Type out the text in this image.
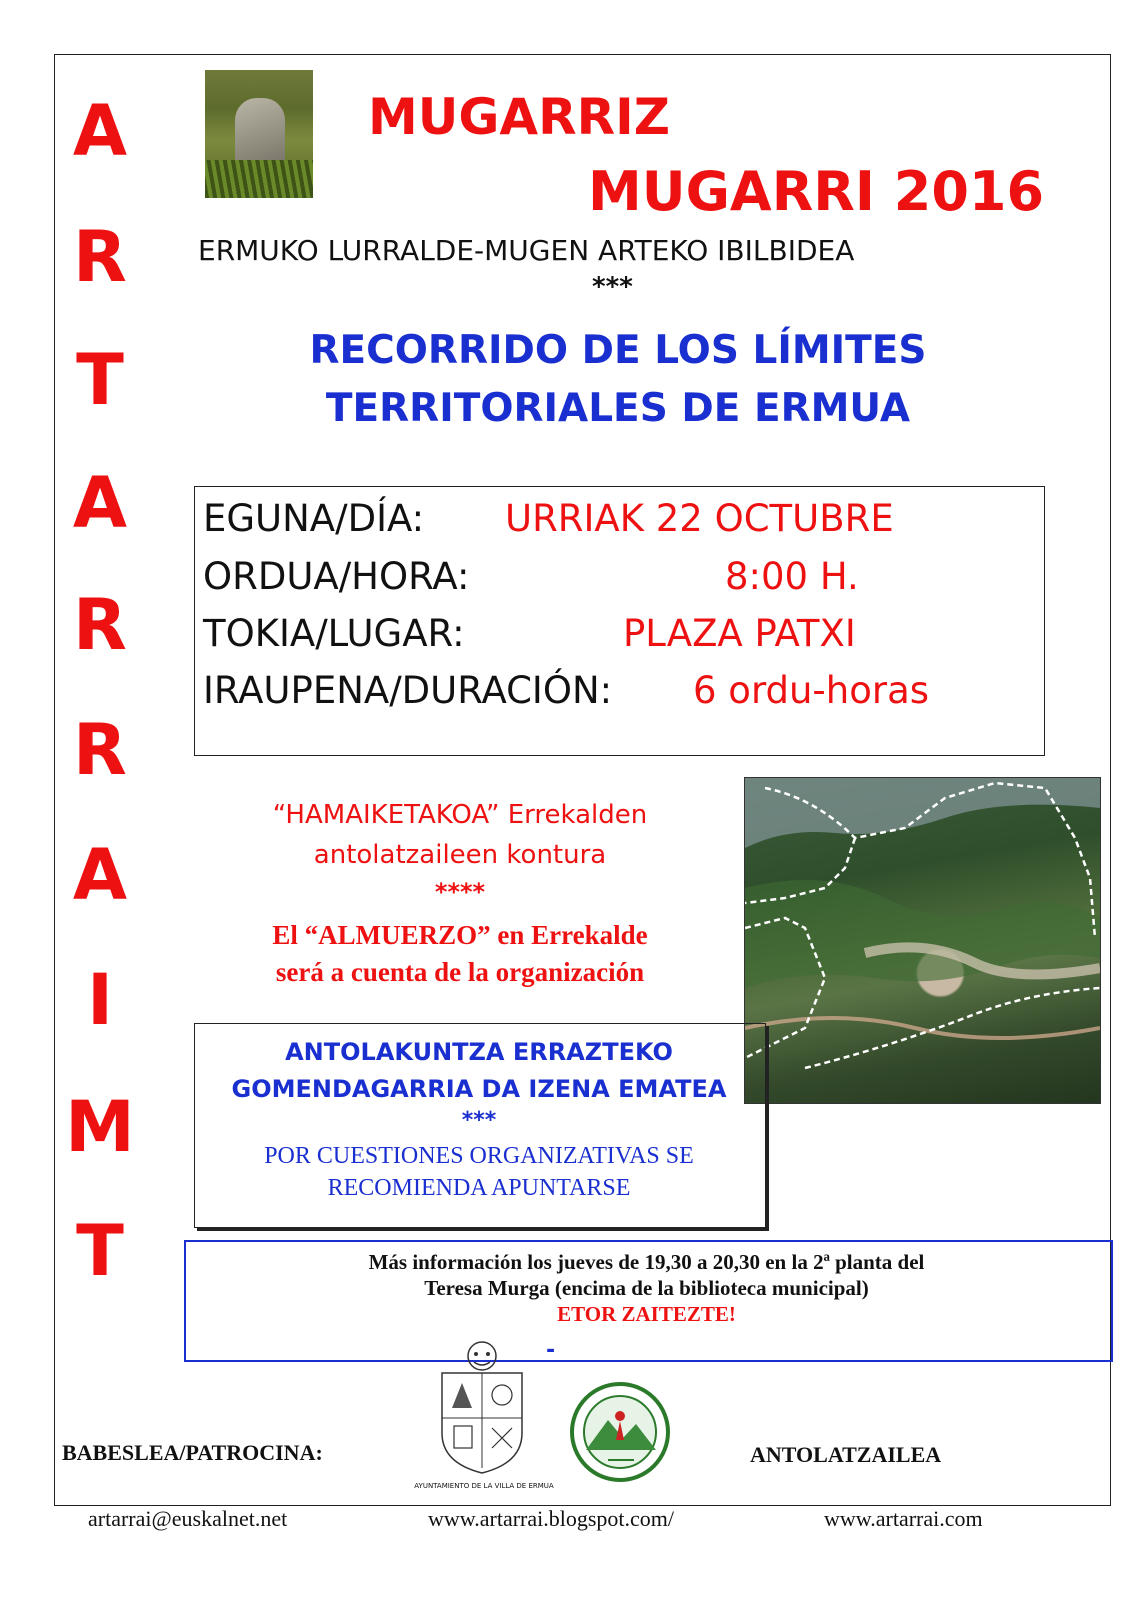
A
R
T
A
R
R
A
I
M
T
MUGARRIZ
MUGARRI 2016
ERMUKO LURRALDE-MUGEN ARTEKO IBILBIDEA
***
RECORRIDO DE LOS LÍMITES
TERRITORIALES DE ERMUA
EGUNA/DÍA: URRIAK 22 OCTUBRE
ORDUA/HORA:	8:00 H.
TOKIA/LUGAR:	PLAZA PATXI
IRAUPENA/DURACIÓN: 6 ordu-horas
“HAMAIKETAKOA” Errekalden
antolatzaileen kontura
****
El “ALMUERZO” en Errekalde
será a cuenta de la organización
ANTOLAKUNTZA ERRAZTEKO
GOMENDAGARRIA DA IZENA EMATEA
***
POR CUESTIONES ORGANIZATIVAS SE
RECOMIENDA APUNTARSE
Más información los jueves de 19,30 a 20,30 en la 2ª planta del
Teresa Murga (encima de la biblioteca municipal)
ETOR ZAITEZTE!
-
BABESLEA/PATROCINA:
AYUNTAMIENTO DE LA VILLA DE ERMUA
ANTOLATZAILEA
artarrai@euskalnet.net	www.artarrai.blogspot.com/	www.artarrai.com
